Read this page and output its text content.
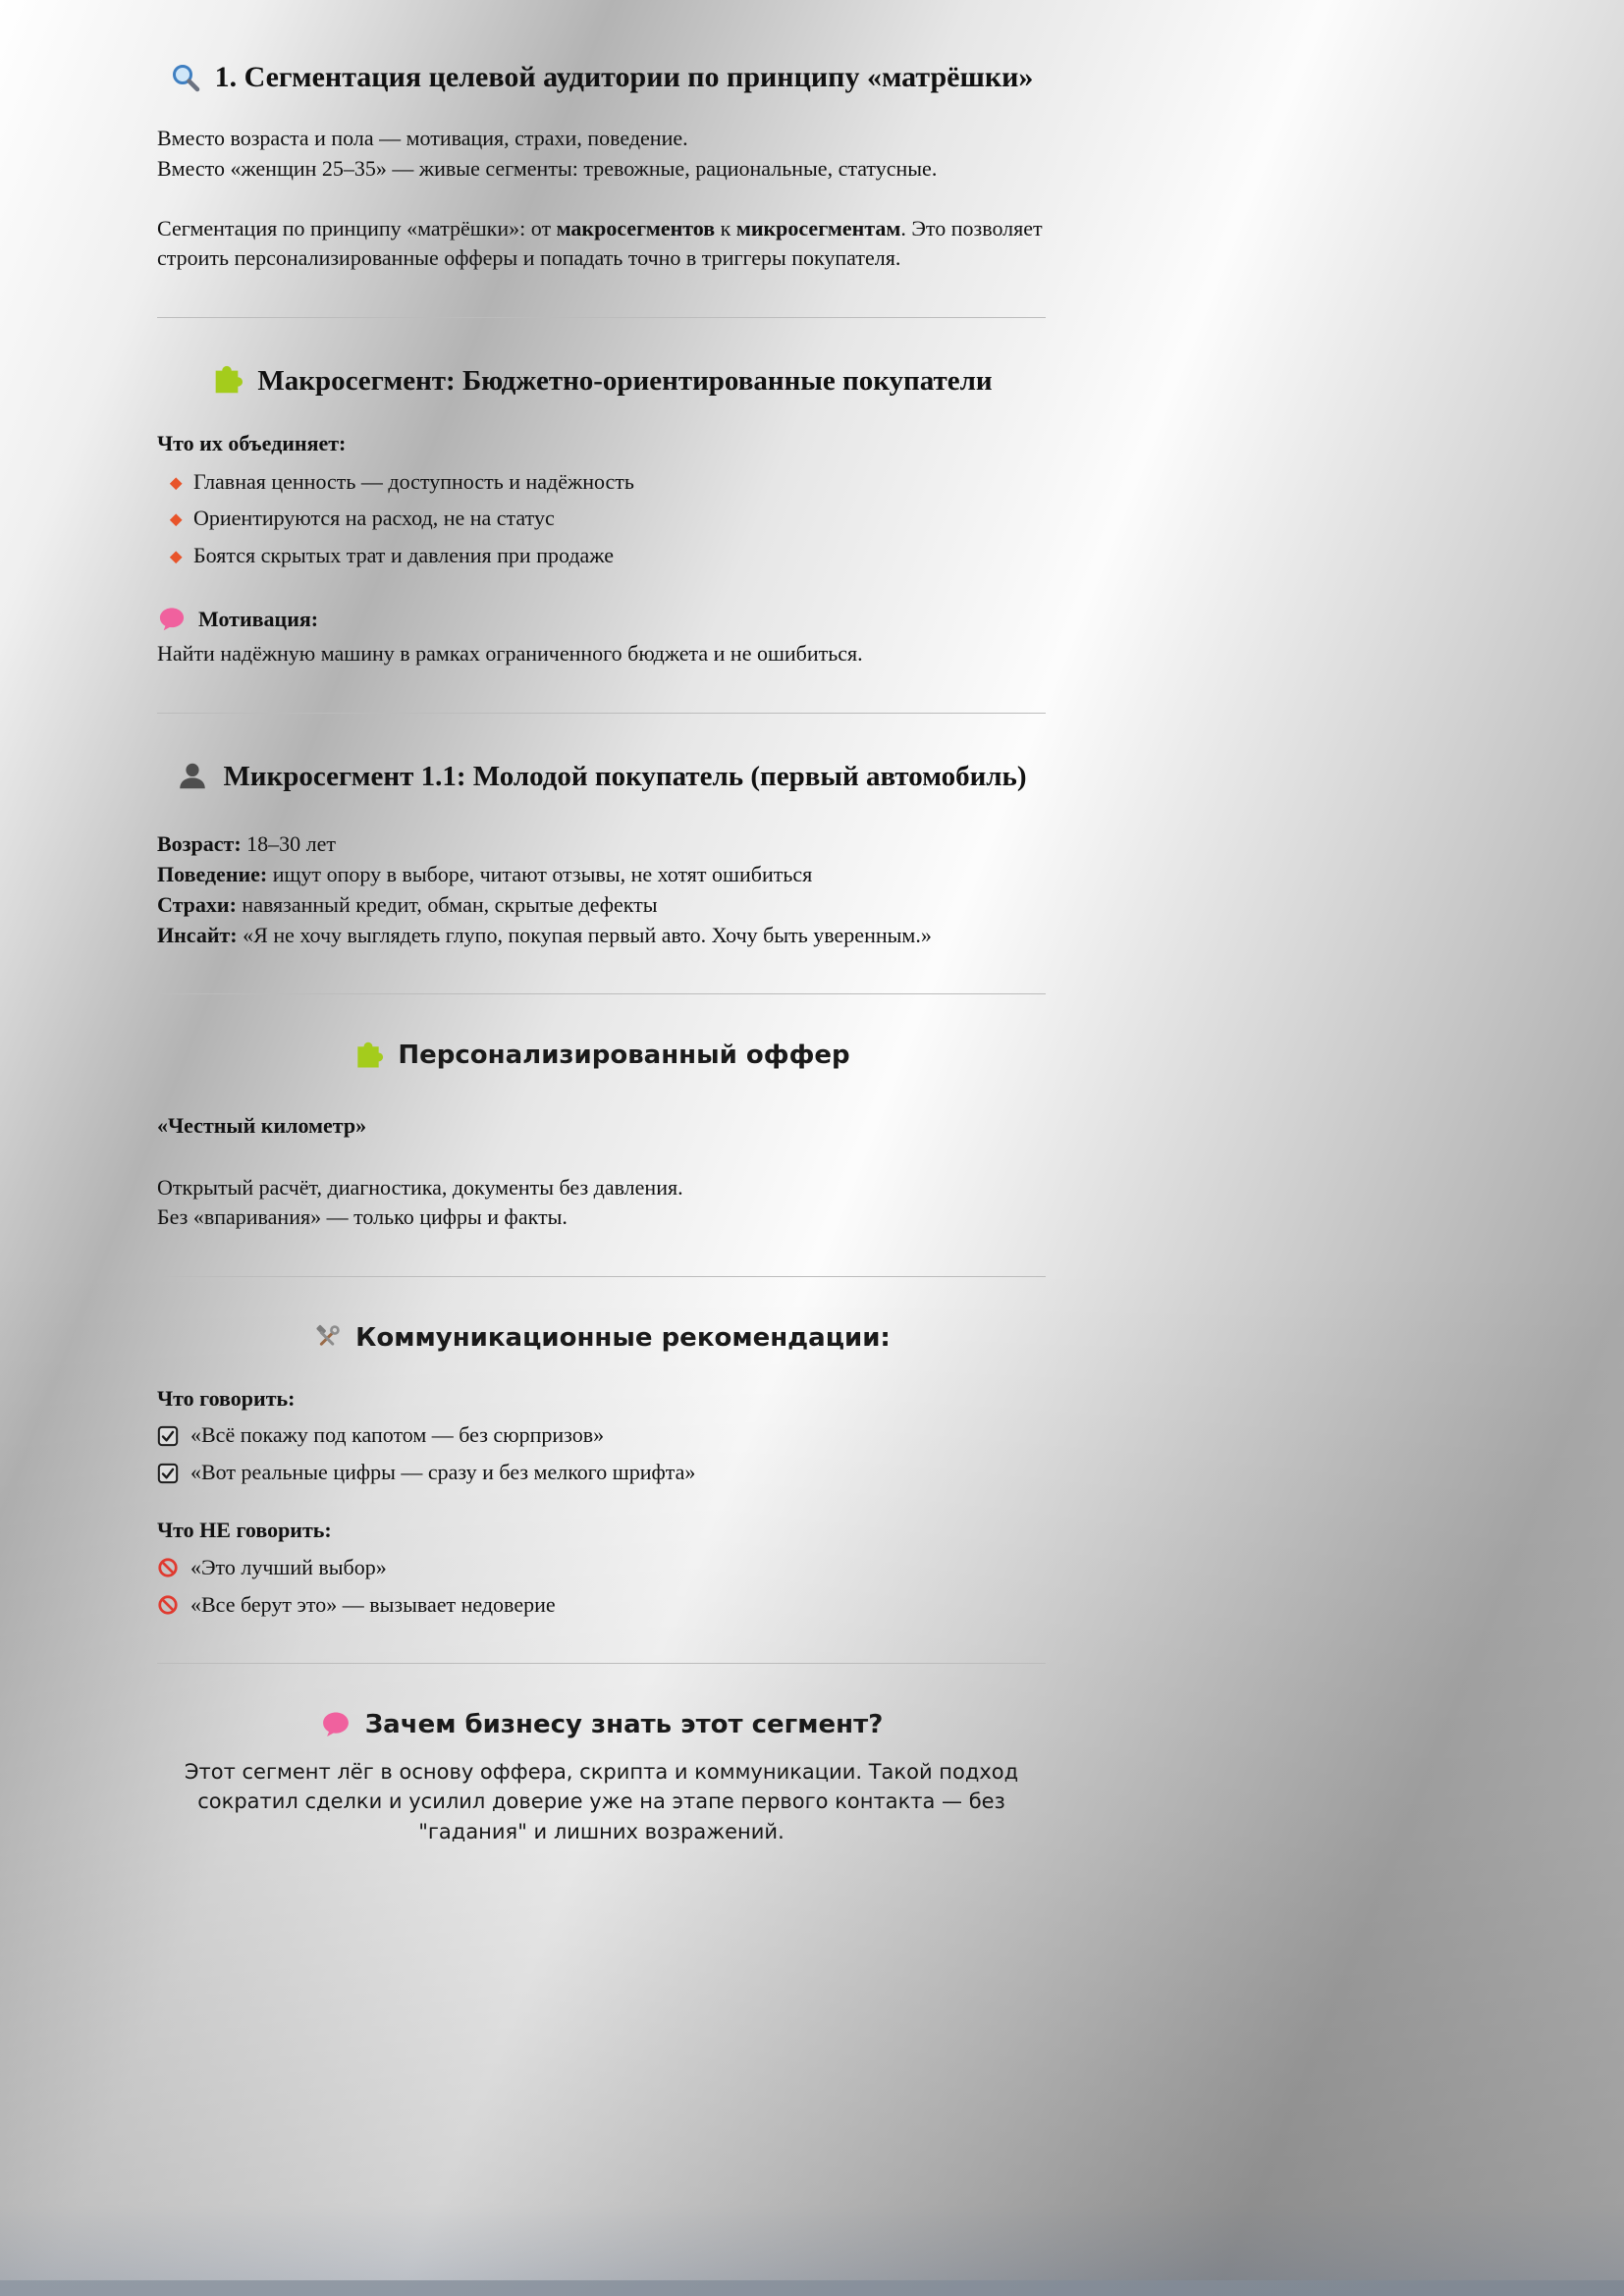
1. Сегментация целевой аудитории по принципу «матрёшки»

Вместо возраста и пола — мотивация, страхи, поведение.

Вместо «женщин 25–35» — живые сегменты: тревожные, рациональные, статусные.

Сегментация по принципу «матрёшки»: от макросегментов к микросегментам. Это позволяет строить персонализированные офферы и попадать точно в триггеры покупателя.

Макросегмент: Бюджетно-ориентированные покупатели

Что их объединяет:

Главная ценность — доступность и надёжность
Ориентируются на расход, не на статус
Боятся скрытых трат и давления при продаже
Мотивация:

Найти надёжную машину в рамках ограниченного бюджета и не ошибиться.

Микросегмент 1.1: Молодой покупатель (первый автомобиль)

Возраст: 18–30 лет

Поведение: ищут опору в выборе, читают отзывы, не хотят ошибиться

Страхи: навязанный кредит, обман, скрытые дефекты

Инсайт: «Я не хочу выглядеть глупо, покупая первый авто. Хочу быть уверенным.»

Персонализированный оффер

«Честный километр»

Открытый расчёт, диагностика, документы без давления.

Без «впаривания» — только цифры и факты.

Коммуникационные рекомендации:

Что говорить:

«Всё покажу под капотом — без сюрпризов»
«Вот реальные цифры — сразу и без мелкого шрифта»

Что НЕ говорить:

«Это лучший выбор»
«Все берут это» — вызывает недоверие
Зачем бизнесу знать этот сегмент?

Этот сегмент лёг в основу оффера, скрипта и коммуникации. Такой подход сократил сделки и усилил доверие уже на этапе первого контакта — без "гадания" и лишних возражений.
